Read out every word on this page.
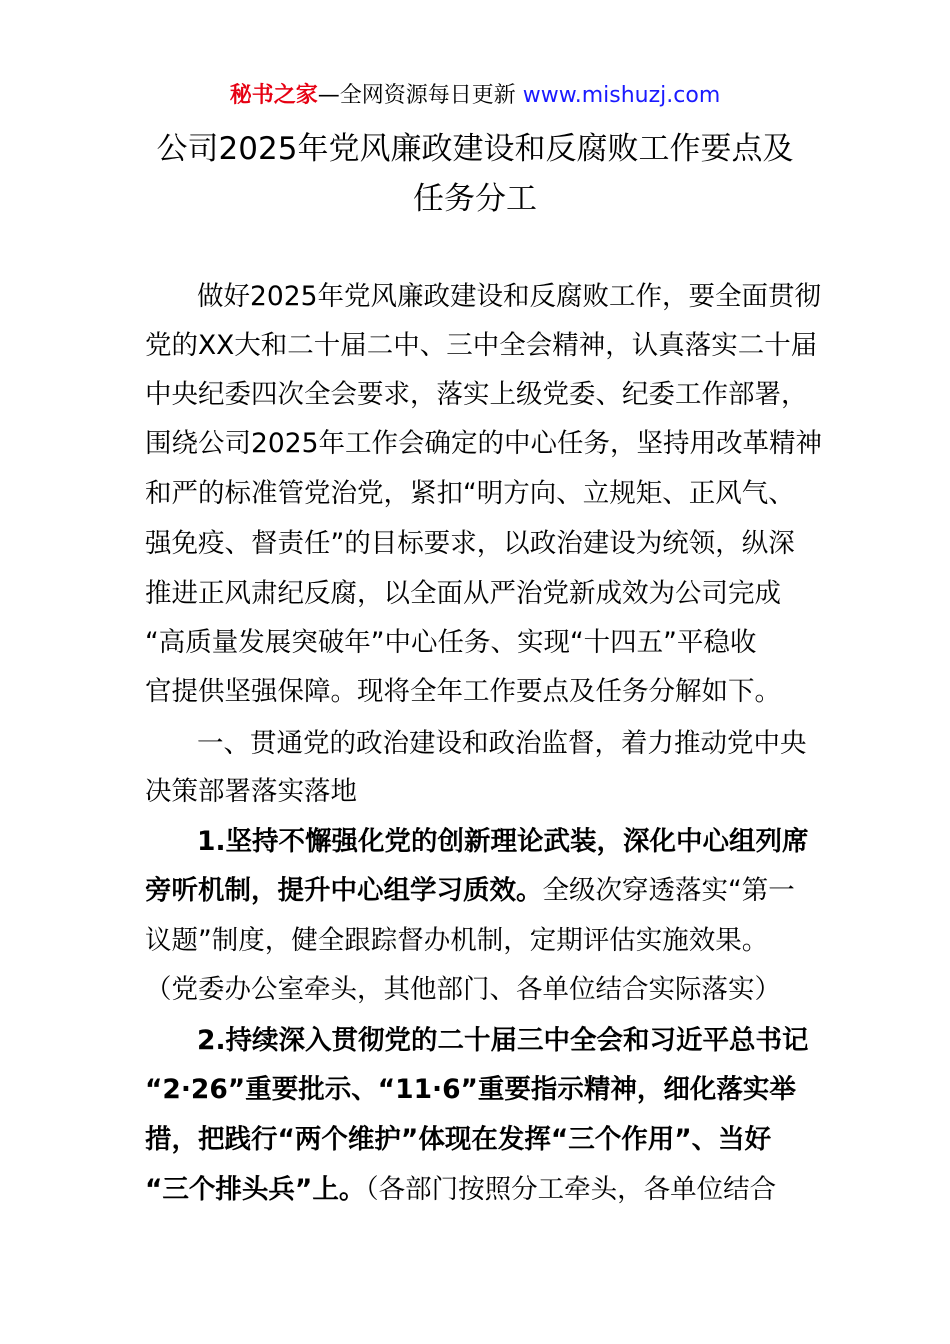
秘书之家—全网资源每日更新 www.mishuzj.com
公司2025年党风廉政建设和反腐败工作要点及
任务分工
做好2025年党风廉政建设和反腐败工作，要全面贯彻
党的XX大和二十届二中、三中全会精神，认真落实二十届
中央纪委四次全会要求，落实上级党委、纪委工作部署，
围绕公司2025年工作会确定的中心任务，坚持用改革精神
和严的标准管党治党，紧扣“明方向、立规矩、正风气、
强免疫、督责任”的目标要求，以政治建设为统领，纵深
推进正风肃纪反腐，以全面从严治党新成效为公司完成
“高质量发展突破年”中心任务、实现“十四五”平稳收
官提供坚强保障。现将全年工作要点及任务分解如下。
一、贯通党的政治建设和政治监督，着力推动党中央
决策部署落实落地
1.坚持不懈强化党的创新理论武装，深化中心组列席
旁听机制，提升中心组学习质效。全级次穿透落实“第一
议题”制度，健全跟踪督办机制，定期评估实施效果。
（党委办公室牵头，其他部门、各单位结合实际落实）
2.持续深入贯彻党的二十届三中全会和习近平总书记
“2·26”重要批示、“11·6”重要指示精神，细化落实举
措，把践行“两个维护”体现在发挥“三个作用”、当好
“三个排头兵”上。（各部门按照分工牵头，各单位结合
